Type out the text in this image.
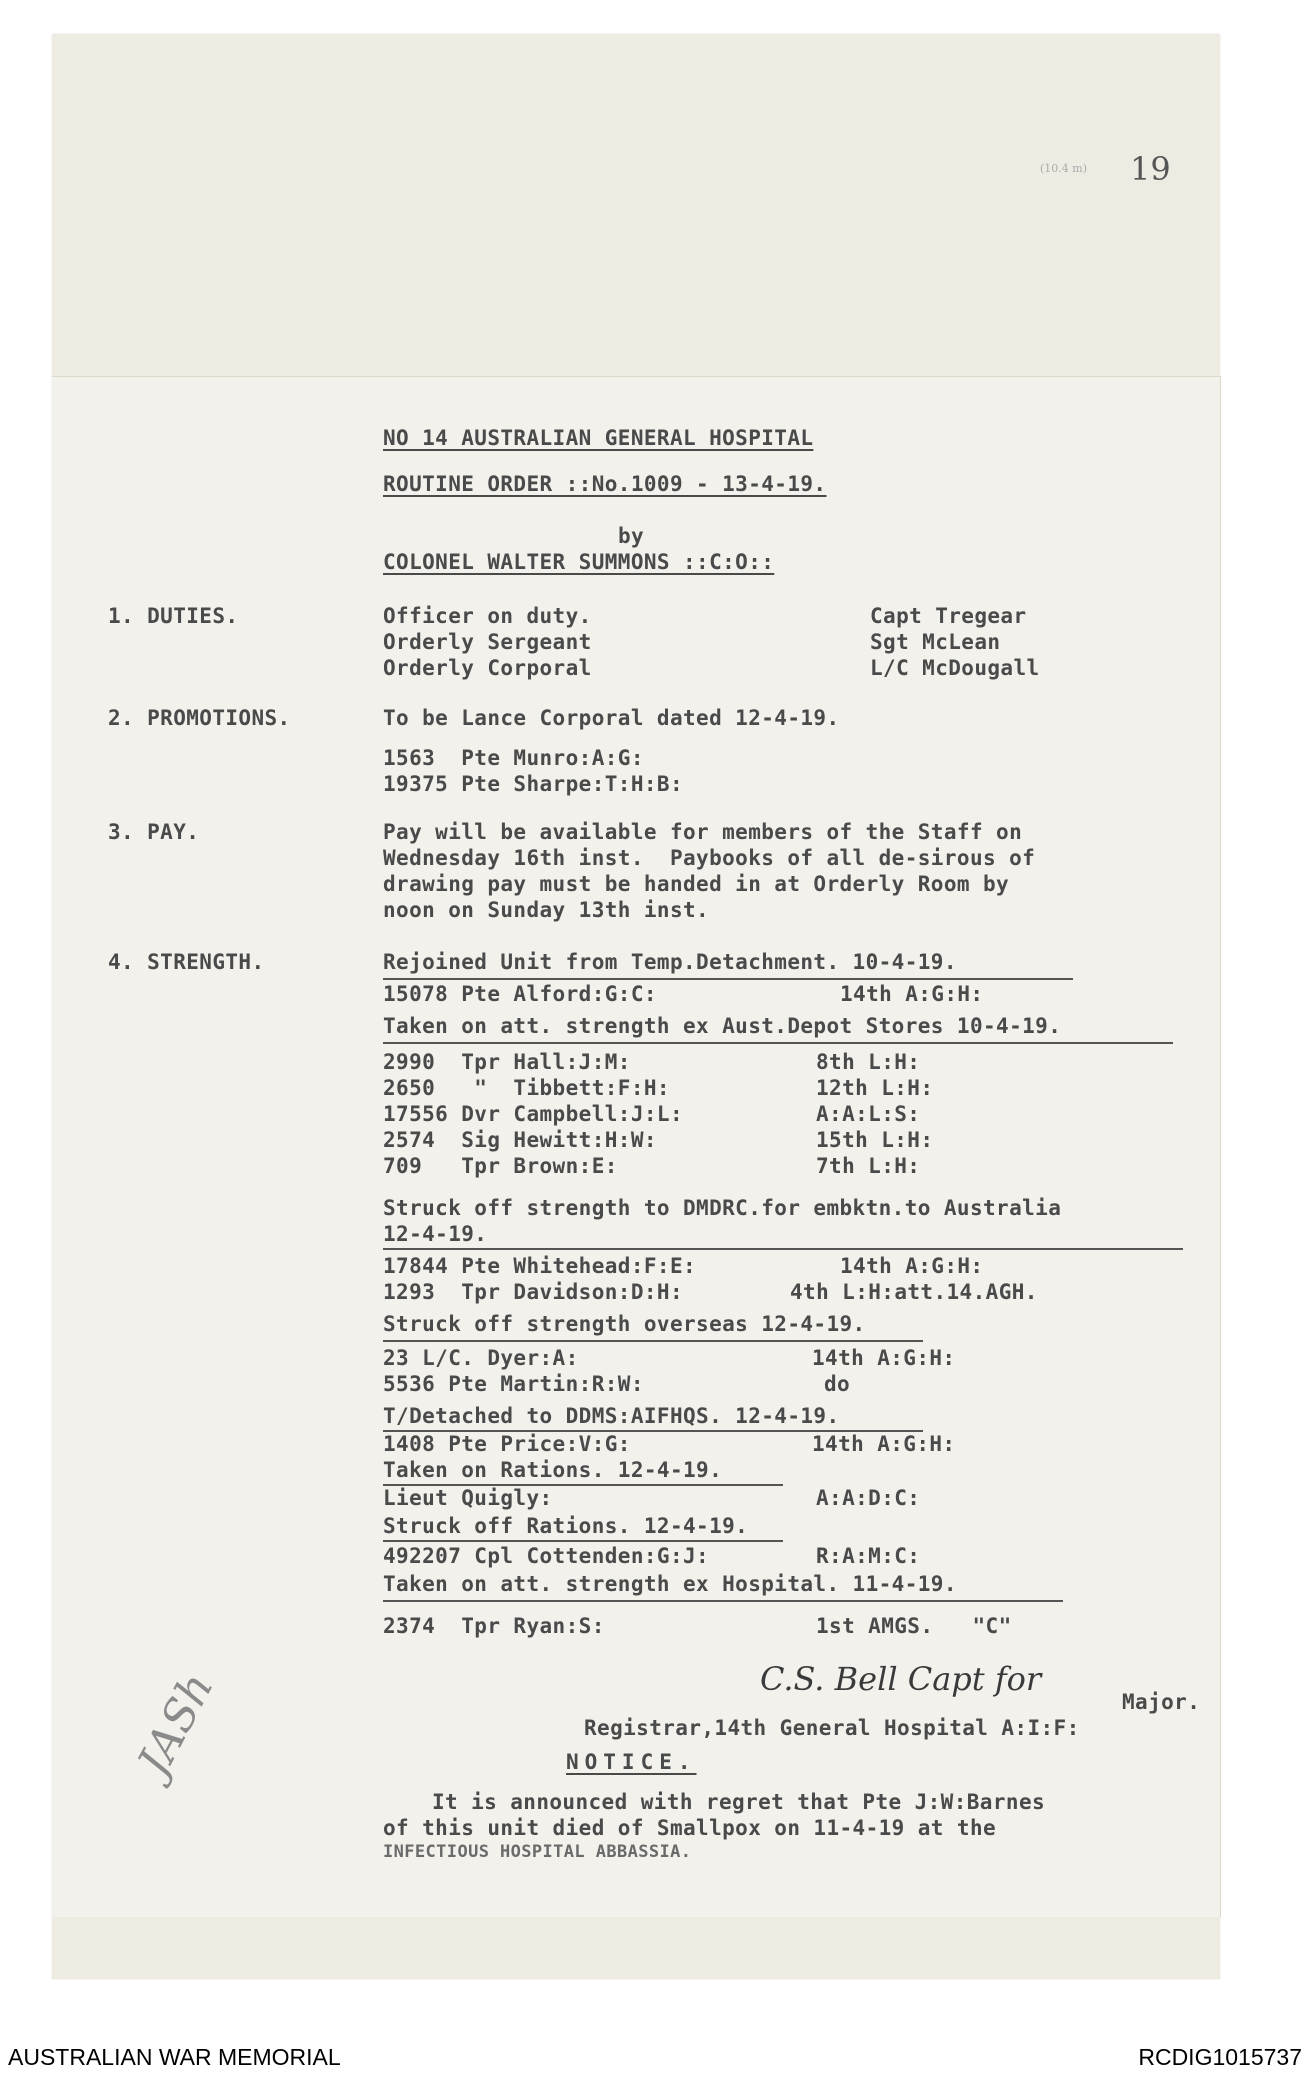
(10.4 m) 19
NO 14 AUSTRALIAN GENERAL HOSPITAL
ROUTINE ORDER ::No.1009 - 13-4-19.
by
COLONEL WALTER SUMMONS ::C:O::
1. DUTIES.	Officer on duty.	Capt Tregear
Orderly Sergeant	Sgt McLean
Orderly Corporal	L/C McDougall
2. PROMOTIONS.	To be Lance Corporal dated 12-4-19.
1563  Pte Munro:A:G:
19375 Pte Sharpe:T:H:B:
3. PAY.	Pay will be available for members of the Staff on
Wednesday 16th inst.  Paybooks of all de-sirous of
drawing pay must be handed in at Orderly Room by
noon on Sunday 13th inst.
4. STRENGTH.	Rejoined Unit from Temp.Detachment. 10-4-19.
15078 Pte Alford:G:C:	14th A:G:H:
Taken on att. strength ex Aust.Depot Stores 10-4-19.
2990  Tpr Hall:J:M:	8th L:H:
2650   "  Tibbett:F:H:	12th L:H:
17556 Dvr Campbell:J:L:	A:A:L:S:
2574  Sig Hewitt:H:W:	15th L:H:
709   Tpr Brown:E:	7th L:H:
Struck off strength to DMDRC.for embktn.to Australia
12-4-19.
17844 Pte Whitehead:F:E:	14th A:G:H:
1293  Tpr Davidson:D:H:	4th L:H:att.14.AGH.
Struck off strength overseas 12-4-19.
23 L/C. Dyer:A:	14th A:G:H:
5536 Pte Martin:R:W:	do
T/Detached to DDMS:AIFHQS. 12-4-19.
1408 Pte Price:V:G:	14th A:G:H:
Taken on Rations. 12-4-19.
Lieut Quigly:	A:A:D:C:
Struck off Rations. 12-4-19.
492207 Cpl Cottenden:G:J:	R:A:M:C:
Taken on att. strength ex Hospital. 11-4-19.
2374  Tpr Ryan:S:	1st AMGS.   "C"
C.S. Bell Capt for
Major.
Registrar,14th General Hospital A:I:F:
NOTICE.
It is announced with regret that Pte J:W:Barnes
of this unit died of Smallpox on 11-4-19 at the
INFECTIOUS HOSPITAL ABBASSIA.
JASh
AUSTRALIAN WAR MEMORIAL	RCDIG1015737
